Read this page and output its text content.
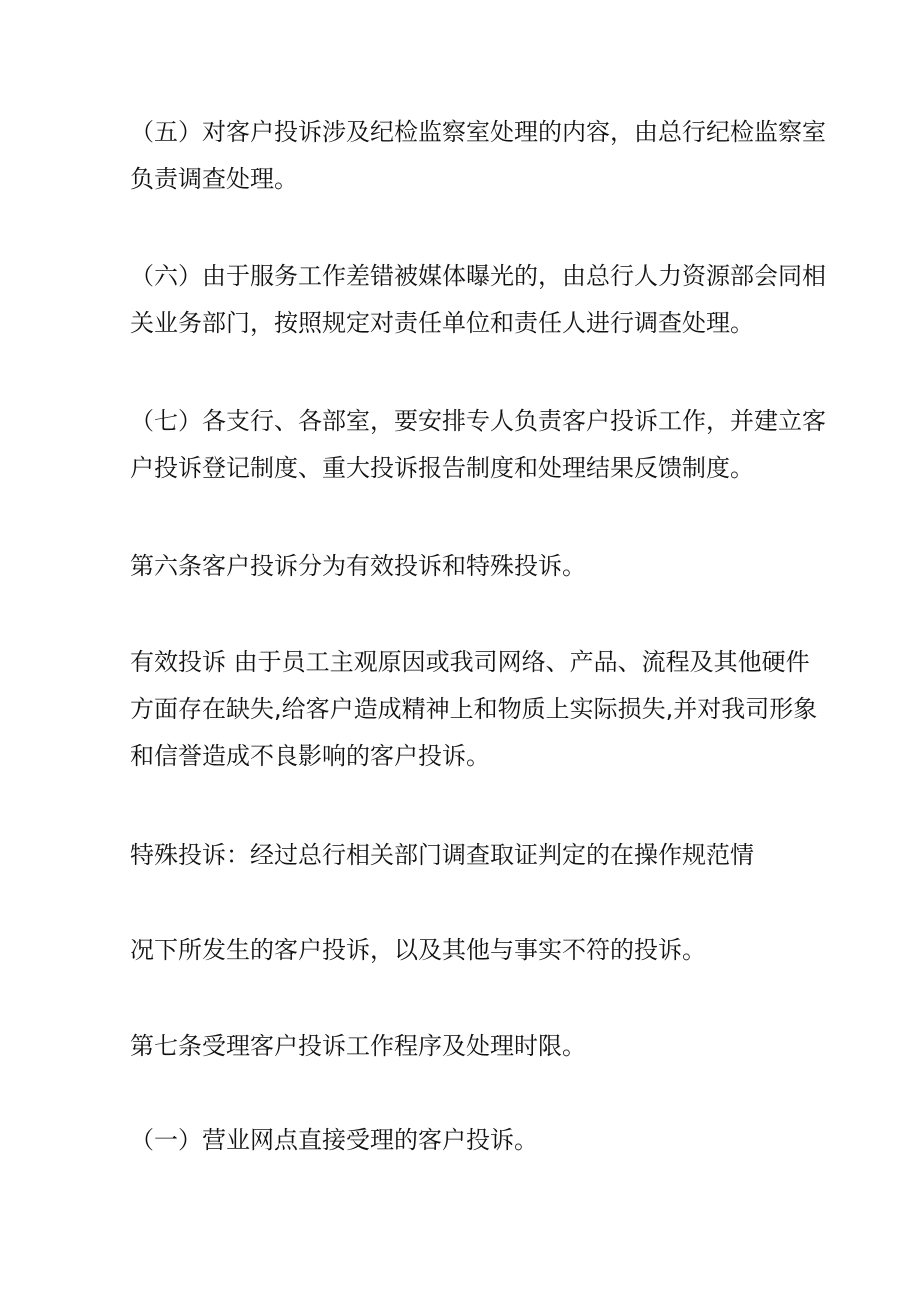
（五）对客户投诉涉及纪检监察室处理的内容，由总行纪检监察室
负责调查处理。

（六）由于服务工作差错被媒体曝光的，由总行人力资源部会同相
关业务部门，按照规定对责任单位和责任人进行调查处理。

（七）各支行、各部室，要安排专人负责客户投诉工作，并建立客
户投诉登记制度、重大投诉报告制度和处理结果反馈制度。

第六条客户投诉分为有效投诉和特殊投诉。

有效投诉 由于员工主观原因或我司网络、产品、流程及其他硬件
方面存在缺失,给客户造成精神上和物质上实际损失,并对我司形象
和信誉造成不良影响的客户投诉。

特殊投诉：经过总行相关部门调查取证判定的在操作规范情

况下所发生的客户投诉，以及其他与事实不符的投诉。

第七条受理客户投诉工作程序及处理时限。

（一）营业网点直接受理的客户投诉。
